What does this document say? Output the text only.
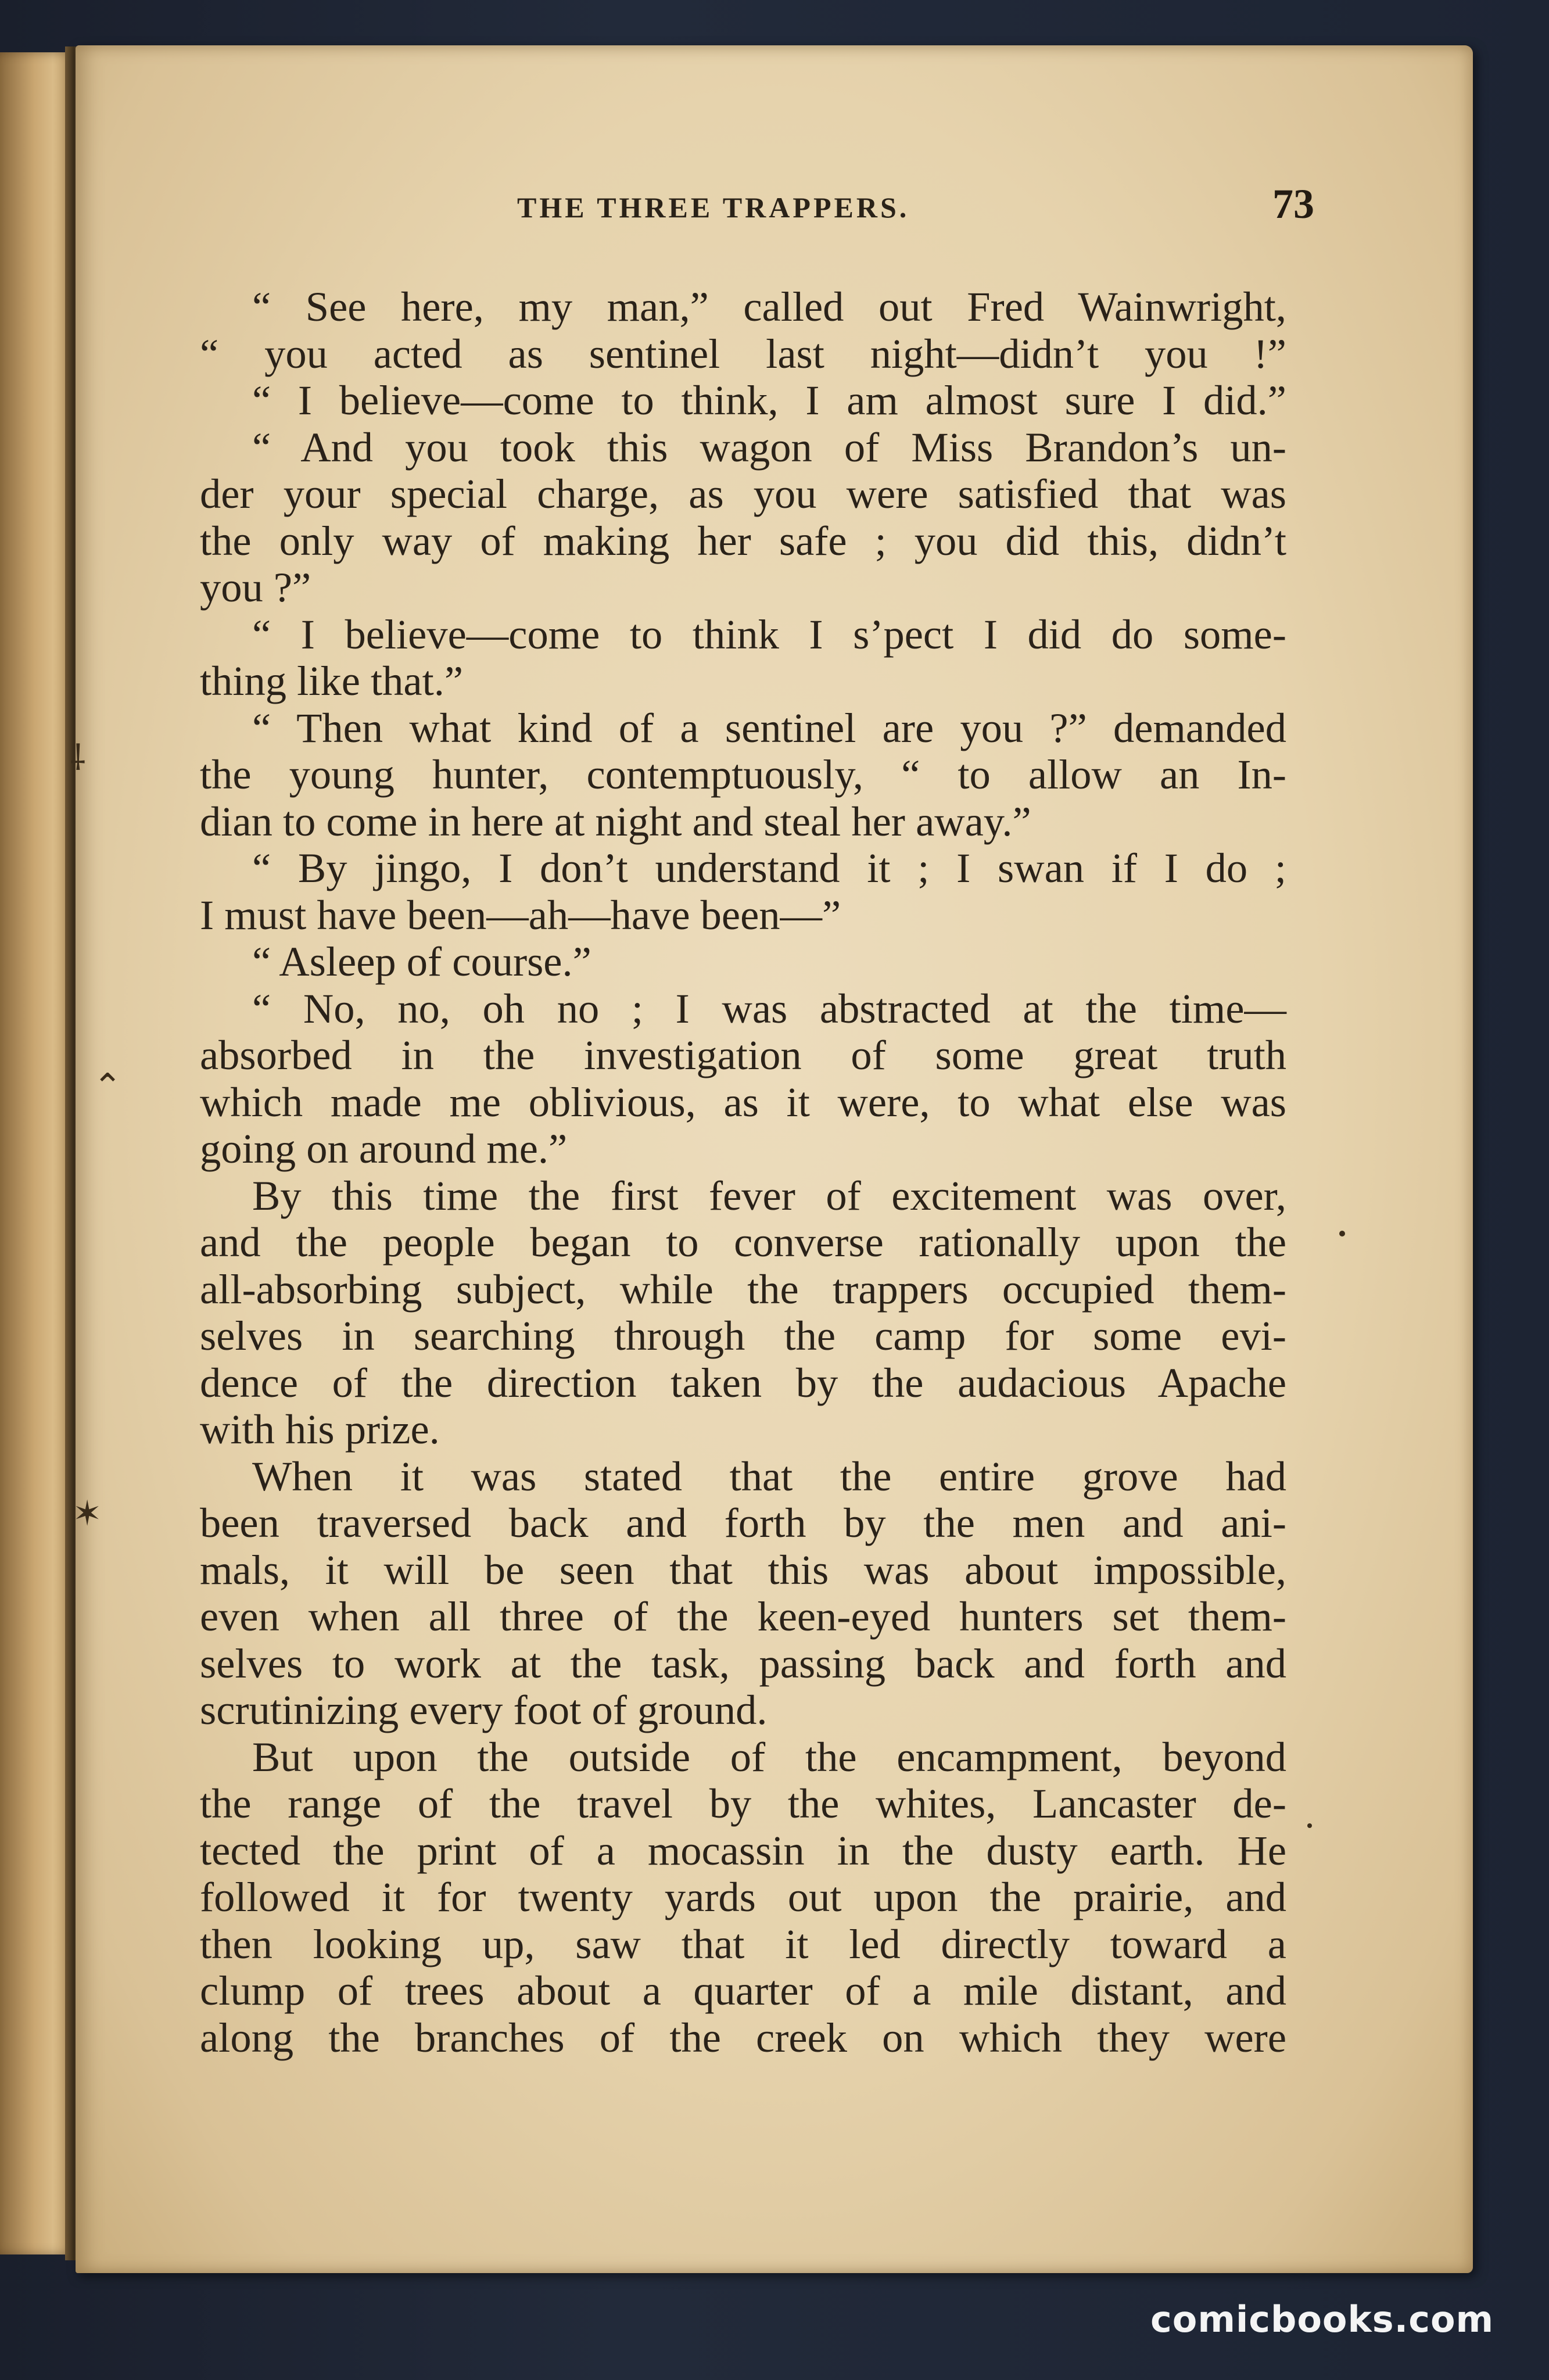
⸸
⌃
✶
THE THREE TRAPPERS.	73
“ See here, my man,” called out Fred Wainwright,
“ you acted as sentinel last night—didn’t you !”
“ I believe—come to think, I am almost sure I did.”
“ And you took this wagon of Miss Brandon’s un-
der your special charge, as you were satisfied that was
the only way of making her safe ; you did this, didn’t
you ?”
“ I believe—come to think I s’pect I did do some-
thing like that.”
“ Then what kind of a sentinel are you ?” demanded
the young hunter, contemptuously, “ to allow an In-
dian to come in here at night and steal her away.”
“ By jingo, I don’t understand it ; I swan if I do ;
I must have been—ah—have been—”
“ Asleep of course.”
“ No, no, oh no ; I was abstracted at the time—
absorbed in the investigation of some great truth
which made me oblivious, as it were, to what else was
going on around me.”
By this time the first fever of excitement was over,
and the people began to converse rationally upon the
all-absorbing subject, while the trappers occupied them-
selves in searching through the camp for some evi-
dence of the direction taken by the audacious Apache
with his prize.
When it was stated that the entire grove had
been traversed back and forth by the men and ani-
mals, it will be seen that this was about impossible,
even when all three of the keen-eyed hunters set them-
selves to work at the task, passing back and forth and
scrutinizing every foot of ground.
But upon the outside of the encampment, beyond
the range of the travel by the whites, Lancaster de-
tected the print of a mocassin in the dusty earth. He
followed it for twenty yards out upon the prairie, and
then looking up, saw that it led directly toward a
clump of trees about a quarter of a mile distant, and
along the branches of the creek on which they were
comicbooks.com
